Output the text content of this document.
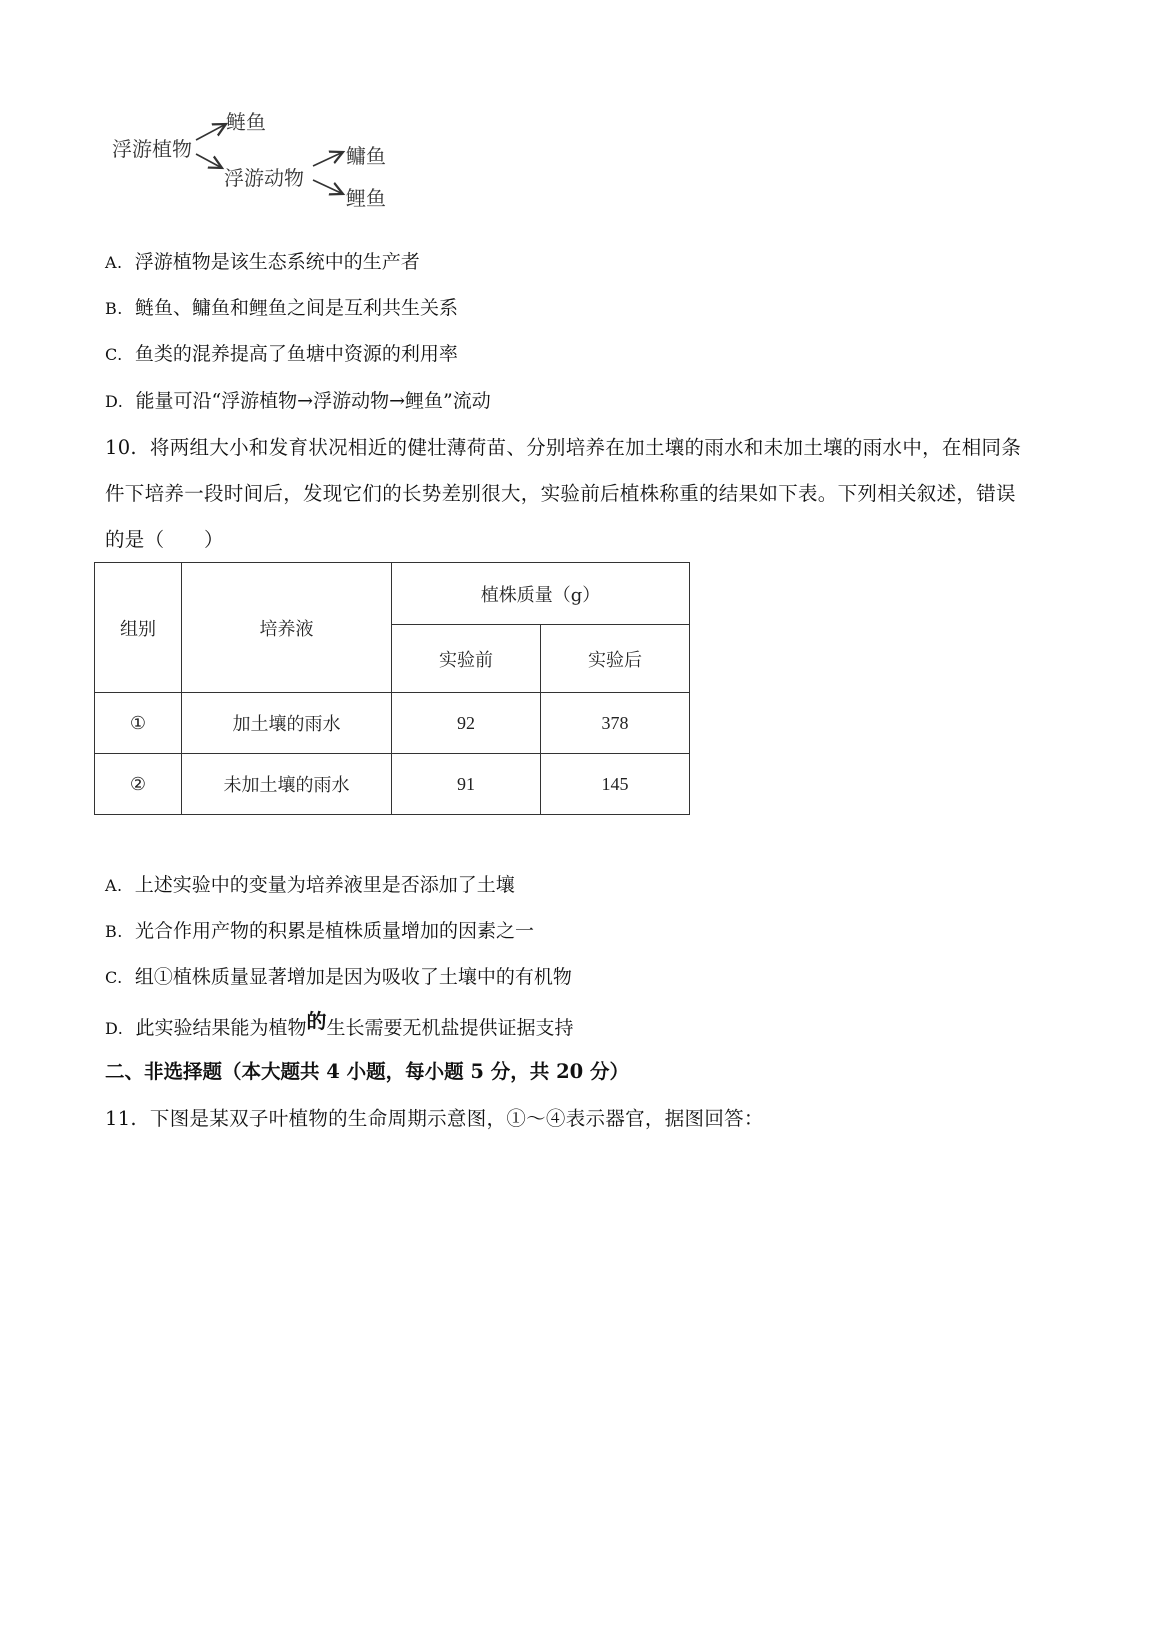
浮游植物
鲢鱼
浮游动物
鳙鱼
鲤鱼
A. 浮游植物是该生态系统中的生产者
B. 鲢鱼、鳙鱼和鲤鱼之间是互利共生关系
C. 鱼类的混养提高了鱼塘中资源的利用率
D. 能量可沿“浮游植物→浮游动物→鲤鱼”流动
10. 将两组大小和发育状况相近的健壮薄荷苗、分别培养在加土壤的雨水和未加土壤的雨水中，在相同条
件下培养一段时间后，发现它们的长势差别很大，实验前后植株称重的结果如下表。下列相关叙述，错误
的是（　　）
组别	培养液	植株质量（g）	
		实验前	实验后
①	加土壤的雨水	92	378
②	未加土壤的雨水	91	145
A. 上述实验中的变量为培养液里是否添加了土壤
B. 光合作用产物的积累是植株质量增加的因素之一
C. 组①植株质量显著增加是因为吸收了土壤中的有机物
D. 此实验结果能为植物的生长需要无机盐提供证据支持
二、非选择题（本大题共 4 小题，每小题 5 分，共 20 分）
11. 下图是某双子叶植物的生命周期示意图，①～④表示器官，据图回答：
